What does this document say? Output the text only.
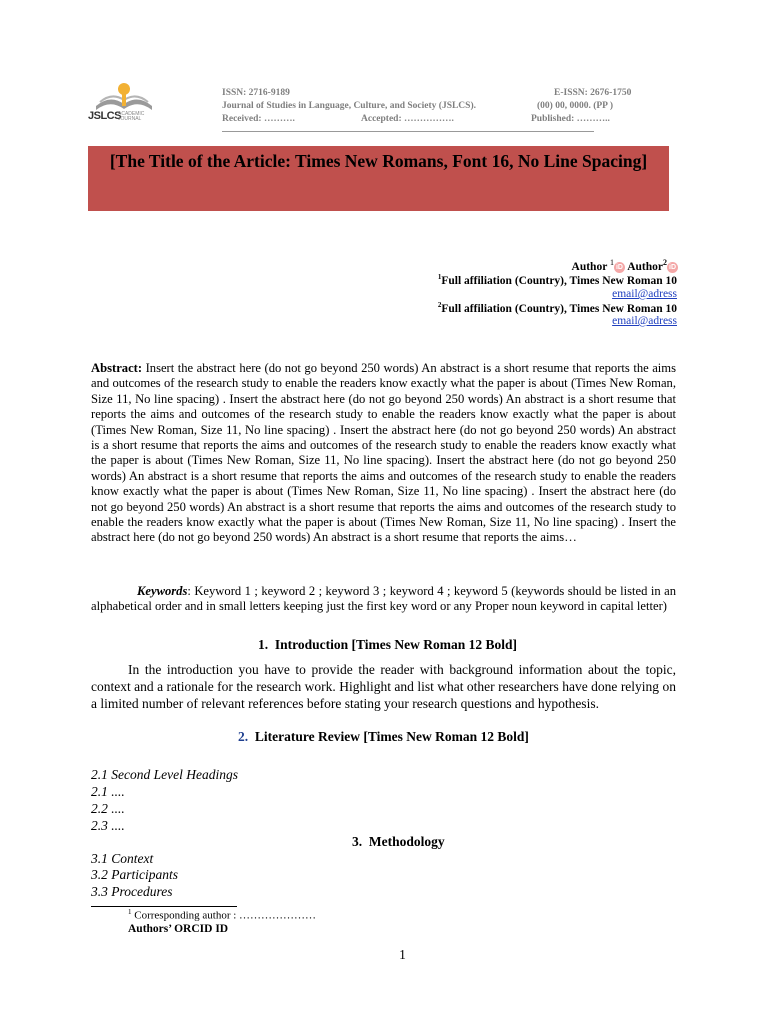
JSLCS
ACADEMIC JOURNAL
ISSN: 2716-9189	E-ISSN: 2676-1750
Journal of Studies in Language, Culture, and Society (JSLCS).	(00) 00, 0000. (PP )
Received: ……….	Accepted: …………….	Published: ………..
[The Title of the Article: Times New Romans, Font 16, No Line Spacing]
Author $^1$iD Author$^2$iD
$^1$Full affiliation (Country), Times New Roman 10
email@adress
$^2$Full affiliation (Country), Times New Roman 10
email@adress
Abstract: Insert the abstract here (do not go beyond 250 words) An abstract is a short resume that reports the aims and outcomes of the research study to enable the readers know exactly what the paper is about (Times New Roman, Size 11, No line spacing) . Insert the abstract here (do not go beyond 250 words) An abstract is a short resume that reports the aims and outcomes of the research study to enable the readers know exactly what the paper is about (Times New Roman, Size 11, No line spacing) . Insert the abstract here (do not go beyond 250 words) An abstract is a short resume that reports the aims and outcomes of the research study to enable the readers know exactly what the paper is about (Times New Roman, Size 11, No line spacing). Insert the abstract here (do not go beyond 250 words) An abstract is a short resume that reports the aims and outcomes of the research study to enable the readers know exactly what the paper is about (Times New Roman, Size 11, No line spacing) . Insert the abstract here (do not go beyond 250 words) An abstract is a short resume that reports the aims and outcomes of the research study to enable the readers know exactly what the paper is about (Times New Roman, Size 11, No line spacing) . Insert the abstract here (do not go beyond 250 words) An abstract is a short resume that reports the aims…
Keywords: Keyword 1 ; keyword 2 ; keyword 3 ; keyword 4 ; keyword 5 (keywords should be listed in an alphabetical order and in small letters keeping just the first key word or any Proper noun keyword in capital letter)
1. Introduction [Times New Roman 12 Bold]
In the introduction you have to provide the reader with background information about the topic, context and a rationale for the research work. Highlight and list what other researchers have done relying on a limited number of relevant references before stating your research questions and hypothesis.
2. Literature Review [Times New Roman 12 Bold]
2.1 Second Level Headings
2.1 ....
2.2 ....
2.3 ....
3. Methodology
3.1 Context
3.2 Participants
3.3 Procedures
$^1$ Corresponding author : …………………
Authors’ ORCID ID
1
